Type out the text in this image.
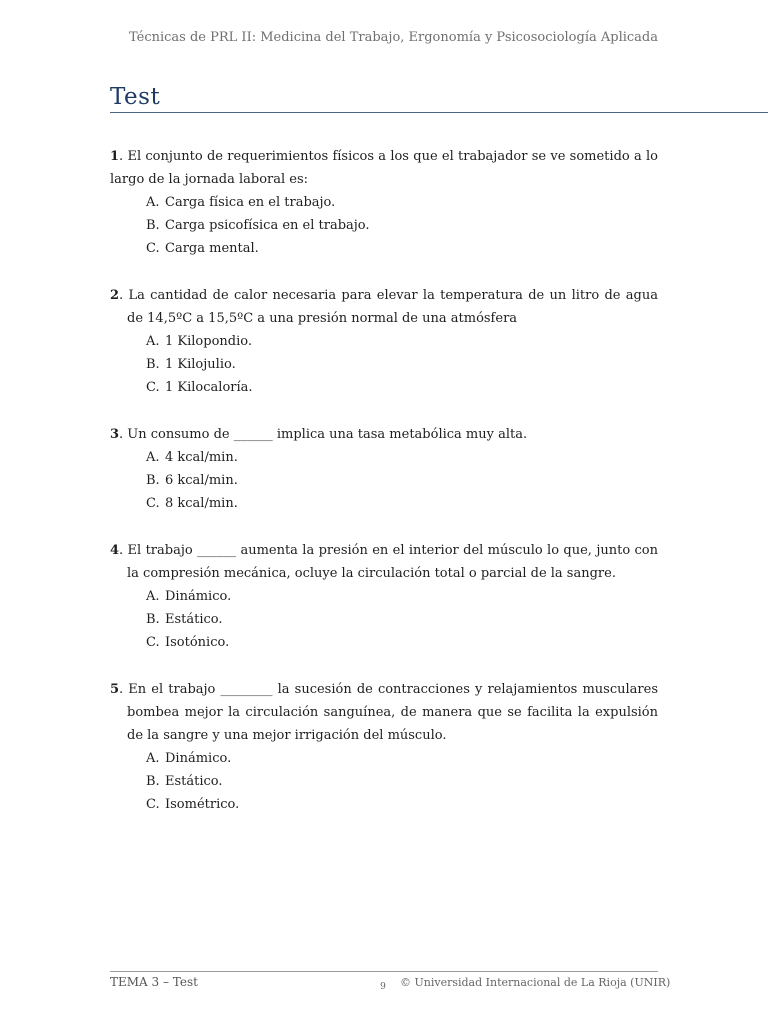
Técnicas de PRL II: Medicina del Trabajo, Ergonomía y Psicosociología Aplicada
Test

1. El conjunto de requerimientos físicos a los que el trabajador se ve sometido a lo largo de la jornada laboral es:

A. Carga física en el trabajo.
B. Carga psicofísica en el trabajo.
C. Carga mental.

2. La cantidad de calor necesaria para elevar la temperatura de un litro de agua de 14,5ºC a 15,5ºC a una presión normal de una atmósfera

A. 1 Kilopondio.
B. 1 Kilojulio.
C. 1 Kilocaloría.

3. Un consumo de ______ implica una tasa metabólica muy alta.

A. 4 kcal/min.
B. 6 kcal/min.
C. 8 kcal/min.

4. El trabajo ______ aumenta la presión en el interior del músculo lo que, junto con la compresión mecánica, ocluye la circulación total o parcial de la sangre.

A. Dinámico.
B. Estático.
C. Isotónico.

5. En el trabajo ________ la sucesión de contracciones y relajamientos musculares bombea mejor la circulación sanguínea, de manera que se facilita la expulsión de la sangre y una mejor irrigación del músculo.

A. Dinámico.
B. Estático.
C. Isométrico.
TEMA 3 – Test	9	© Universidad Internacional de La Rioja (UNIR)
